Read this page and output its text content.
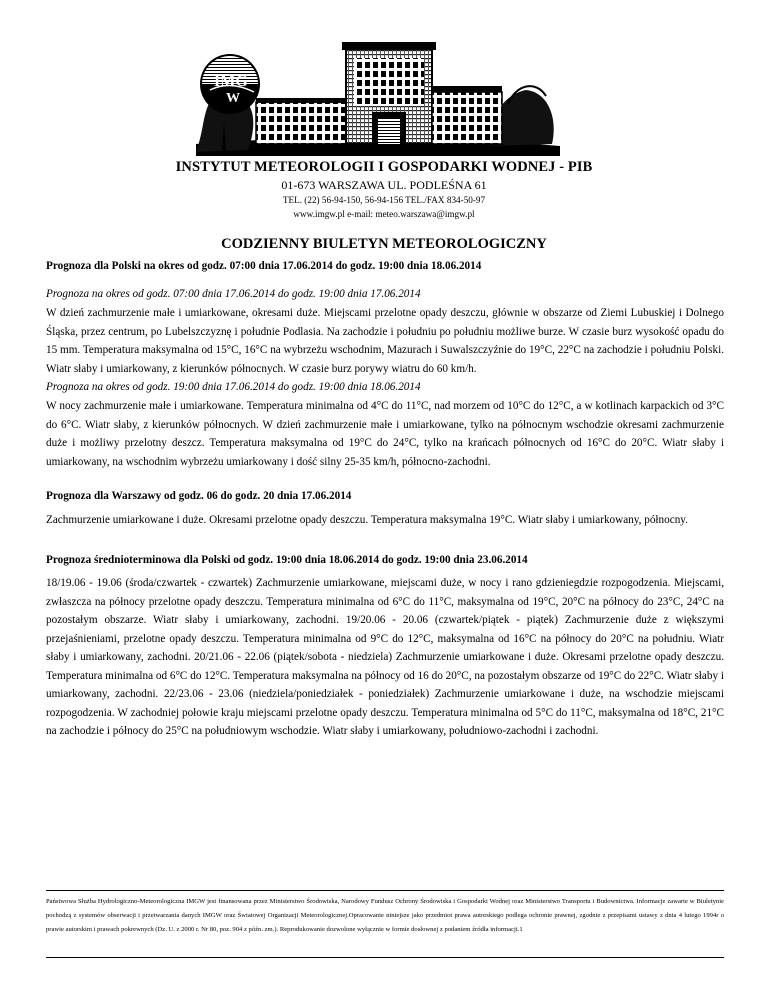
IMG
W
INSTYTUT METEOROLOGII I GOSPODARKI WODNEJ - PIB
01-673 WARSZAWA UL. PODLEŚNA 61
TEL. (22) 56-94-150, 56-94-156 TEL./FAX 834-50-97
www.imgw.pl e-mail: meteo.warszawa@imgw.pl
CODZIENNY BIULETYN METEOROLOGICZNY
Prognoza dla Polski na okres od godz. 07:00 dnia 17.06.2014 do godz. 19:00 dnia 18.06.2014
Prognoza na okres od godz. 07:00 dnia 17.06.2014 do godz. 19:00 dnia 17.06.2014
W dzień zachmurzenie małe i umiarkowane, okresami duże. Miejscami przelotne opady deszczu, głównie w obszarze od Ziemi Lubuskiej i Dolnego Śląska, przez centrum, po Lubelszczyznę i południe Podlasia. Na zachodzie i południu po południu możliwe burze. W czasie burz wysokość opadu do 15 mm. Temperatura maksymalna od 15°C, 16°C na wybrzeżu wschodnim, Mazurach i Suwalszczyźnie do 19°C, 22°C na zachodzie i południu Polski. Wiatr słaby i umiarkowany, z kierunków północnych. W czasie burz porywy wiatru do 60 km/h.
Prognoza na okres od godz. 19:00 dnia 17.06.2014 do godz. 19:00 dnia 18.06.2014
W nocy zachmurzenie małe i umiarkowane. Temperatura minimalna od 4°C do 11°C, nad morzem od 10°C do 12°C, a w kotlinach karpackich od 3°C do 6°C. Wiatr słaby, z kierunków północnych. W dzień zachmurzenie małe i umiarkowane, tylko na północnym wschodzie okresami zachmurzenie duże i możliwy przelotny deszcz. Temperatura maksymalna od 19°C do 24°C, tylko na krańcach północnych od 16°C do 20°C. Wiatr słaby i umiarkowany, na wschodnim wybrzeżu umiarkowany i dość silny 25-35 km/h, północno-zachodni.
Prognoza dla Warszawy od godz. 06 do godz. 20 dnia 17.06.2014
Zachmurzenie umiarkowane i duże. Okresami przelotne opady deszczu. Temperatura maksymalna 19°C. Wiatr słaby i umiarkowany, północny.
Prognoza średnioterminowa dla Polski od godz. 19:00 dnia 18.06.2014 do godz. 19:00 dnia 23.06.2014
18/19.06 - 19.06 (środa/czwartek - czwartek) Zachmurzenie umiarkowane, miejscami duże, w nocy i rano gdzieniegdzie rozpogodzenia. Miejscami, zwłaszcza na północy przelotne opady deszczu. Temperatura minimalna od 6°C do 11°C, maksymalna od 19°C, 20°C na północy do 23°C, 24°C na pozostałym obszarze. Wiatr słaby i umiarkowany, zachodni. 19/20.06 - 20.06 (czwartek/piątek - piątek) Zachmurzenie duże z większymi przejaśnieniami, przelotne opady deszczu. Temperatura minimalna od 9°C do 12°C, maksymalna od 16°C na północy do 20°C na południu. Wiatr słaby i umiarkowany, zachodni. 20/21.06 - 22.06 (piątek/sobota - niedziela) Zachmurzenie umiarkowane i duże. Okresami przelotne opady deszczu. Temperatura minimalna od 6°C do 12°C. Temperatura maksymalna na północy od 16 do 20°C, na pozostałym obszarze od 19°C do 22°C. Wiatr słaby i umiarkowany, zachodni. 22/23.06 - 23.06 (niedziela/poniedziałek - poniedziałek) Zachmurzenie umiarkowane i duże, na wschodzie miejscami rozpogodzenia. W zachodniej połowie kraju miejscami przelotne opady deszczu. Temperatura minimalna od 5°C do 11°C, maksymalna od 18°C, 21°C na zachodzie i północy do 25°C na południowym wschodzie. Wiatr słaby i umiarkowany, południowo-zachodni i zachodni.
Państwowa Służba Hydrologiczno-Meteorologiczna IMGW jest finansowana przez Ministerstwo Środowiska, Narodowy Fundusz Ochrony Środowiska i Gospodarki Wodnej oraz Ministerstwo Transportu i Budownictwa. Informacje zawarte w Biuletynie pochodzą z systemów obserwacji i przetwarzania danych IMGW oraz Światowej Organizacji Meteorologicznej.Opracowanie niniejsze jako przedmiot prawa autorskiego podlega ochronie prawnej, zgodnie z przepisami ustawy z dnia 4 lutego 1994r o prawie autorskim i prawach pokrewnych (Dz. U. z 2000 r. Nr 80, poz. 904 z późn. zm.). Reprodukowanie dozwolone wyłącznie w formie dosłownej z podaniem źródła informacji.1
